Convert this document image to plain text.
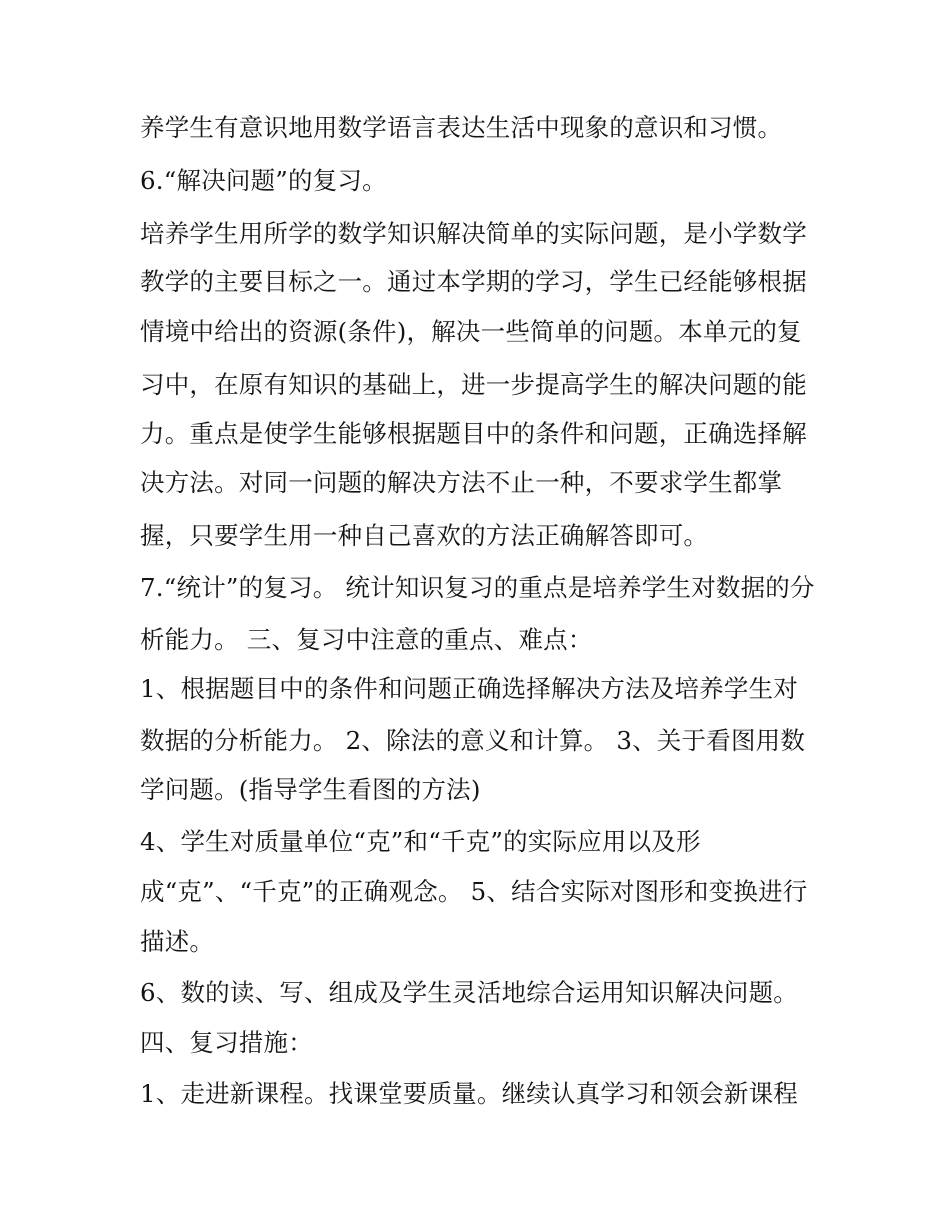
养学生有意识地用数学语言表达生活中现象的意识和习惯。

6.“解决问题”的复习。

培养学生用所学的数学知识解决简单的实际问题，是小学数学

教学的主要目标之一。通过本学期的学习，学生已经能够根据

情境中给出的资源(条件)，解决一些简单的问题。本单元的复

习中，在原有知识的基础上，进一步提高学生的解决问题的能

力。重点是使学生能够根据题目中的条件和问题，正确选择解

决方法。对同一问题的解决方法不止一种，不要求学生都掌

握，只要学生用一种自己喜欢的方法正确解答即可。

7.“统计”的复习。 统计知识复习的重点是培养学生对数据的分

析能力。 三、复习中注意的重点、难点：

1、根据题目中的条件和问题正确选择解决方法及培养学生对

数据的分析能力。 2、除法的意义和计算。 3、关于看图用数

学问题。(指导学生看图的方法)

4、学生对质量单位“克”和“千克”的实际应用以及形

成“克”、“千克”的正确观念。 5、结合实际对图形和变换进行

描述。

6、数的读、写、组成及学生灵活地综合运用知识解决问题。

四、复习措施：

1、走进新课程。找课堂要质量。继续认真学习和领会新课程
